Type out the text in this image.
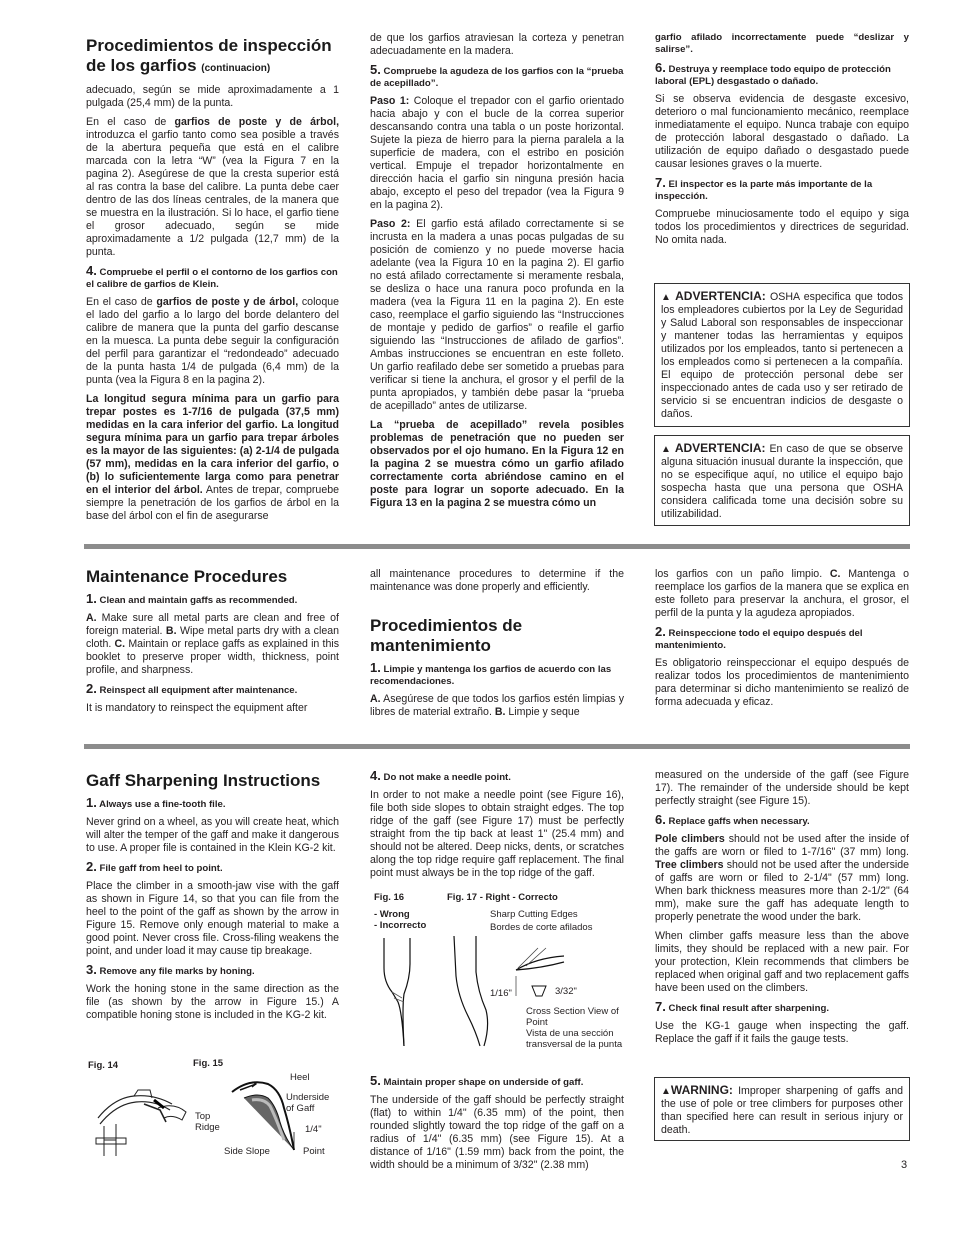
Procedimientos de inspección de los garfios (continuacion)

adecuado, según se mide aproximadamente a 1 pulgada (25,4 mm) de la punta.

En el caso de garfios de poste y de árbol, introduzca el garfio tanto como sea posible a través de la abertura pequeña que está en el calibre marcada con la letra “W” (vea la Figura 7 en la pagina 2). Asegúrese de que la cresta superior está al ras contra la base del calibre. La punta debe caer dentro de las dos líneas centrales, de la manera que se muestra en la ilustración. Si lo hace, el garfio tiene el grosor adecuado, según se mide aproximadamente a 1/2 pulgada (12,7 mm) de la punta.

4. Compruebe el perfil o el contorno de los garfios con el calibre de garfios de Klein.

En el caso de garfios de poste y de árbol, coloque el lado del garfio a lo largo del borde delantero del calibre de manera que la punta del garfio descanse en la muesca. La punta debe seguir la configuración del perfil para garantizar el “redondeado” adecuado de la punta hasta 1/4 de pulgada (6,4 mm) de la punta (vea la Figura 8 en la pagina 2).

La longitud segura mínima para un garfio para trepar postes es 1-7/16 de pulgada (37,5 mm) medidas en la cara inferior del garfio. La longitud segura mínima para un garfio para trepar árboles es la mayor de las siguientes: (a) 2-1/4 de pulgada (57 mm), medidas en la cara inferior del garfio, o (b) lo suficientemente larga como para penetrar en el interior del árbol. Antes de trepar, compruebe siempre la penetración de los garfios de árbol en la base del árbol con el fin de asegurarse

de que los garfios atraviesan la corteza y penetran adecuadamente en la madera.

5. Compruebe la agudeza de los garfios con la “prueba de acepillado”.

Paso 1: Coloque el trepador con el garfio orientado hacia abajo y con el bucle de la correa superior descansando contra una tabla o un poste horizontal. Sujete la pieza de hierro para la pierna paralela a la superficie de madera, con el estribo en posición vertical. Empuje el trepador horizontalmente en dirección hacia el garfio sin ninguna presión hacia abajo, excepto el peso del trepador (vea la Figura 9 en la pagina 2).

Paso 2: El garfio está afilado correctamente si se incrusta en la madera a unas pocas pulgadas de su posición de comienzo y no puede moverse hacia adelante (vea la Figura 10 en la pagina 2). El garfio no está afilado correctamente si meramente resbala, se desliza o hace una ranura poco profunda en la madera (vea la Figura 11 en la pagina 2). En este caso, reemplace el garfio siguiendo las “Instrucciones de montaje y pedido de garfios” o reafile el garfio siguiendo las “Instrucciones de afilado de garfios”. Ambas instrucciones se encuentran en este folleto. Un garfio reafilado debe ser sometido a pruebas para verificar si tiene la anchura, el grosor y el perfil de la punta apropiados, y también debe pasar la “prueba de acepillado” antes de utilizarse.

La “prueba de acepillado” revela posibles problemas de penetración que no pueden ser observados por el ojo humano. En la Figura 12 en la pagina 2 se muestra cómo un garfio afilado correctamente corta abriéndose camino en el poste para lograr un soporte adecuado. En la Figura 13 en la pagina 2 se muestra cómo un

garfio afilado incorrectamente puede “deslizar y salirse”.

6. Destruya y reemplace todo equipo de protección laboral (EPL) desgastado o dañado.

Si se observa evidencia de desgaste excesivo, deterioro o mal funcionamiento mecánico, reemplace inmediatamente el equipo. Nunca trabaje con equipo de protección laboral desgastado o dañado. La utilización de equipo dañado o desgastado puede causar lesiones graves o la muerte.

7. El inspector es la parte más importante de la inspección.

Compruebe minuciosamente todo el equipo y siga todos los procedimientos y directrices de seguridad. No omita nada.

▲ ADVERTENCIA: OSHA especifica que todos los empleadores cubiertos por la Ley de Seguridad y Salud Laboral son responsables de inspeccionar y mantener todas las herramientas y equipos utilizados por los empleados, tanto si pertenecen a los empleados como si pertenecen a la compañía. El equipo de protección personal debe ser inspeccionado antes de cada uso y ser retirado de servicio si se encuentran indicios de desgaste o daños.

▲ ADVERTENCIA: En caso de que se observe alguna situación inusual durante la inspección, que no se especifique aquí, no utilice el equipo bajo sospecha hasta que una persona que OSHA considera calificada tome una decisión sobre su utilizabilidad.

Maintenance Procedures
1. Clean and maintain gaffs as recommended.

A. Make sure all metal parts are clean and free of foreign material. B. Wipe metal parts dry with a clean cloth. C. Maintain or replace gaffs as explained in this booklet to preserve proper width, thickness, point profile, and sharpness.

2. Reinspect all equipment after maintenance.

It is mandatory to reinspect the equipment after

all maintenance procedures to determine if the maintenance was done properly and efficiently.

Procedimientos de mantenimiento
1. Limpie y mantenga los garfios de acuerdo con las recomendaciones.

A. Asegúrese de que todos los garfios estén limpias y libres de material extraño. B. Limpie y seque

los garfios con un paño limpio. C. Mantenga o reemplace los garfios de la manera que se explica en este folleto para preservar la anchura, el grosor, el perfil de la punta y la agudeza apropiados.

2. Reinspeccione todo el equipo después del mantenimiento.

Es obligatorio reinspeccionar el equipo después de realizar todos los procedimientos de mantenimiento para determinar si dicho mantenimiento se realizó de forma adecuada y eficaz.

Gaff Sharpening Instructions
1. Always use a fine-tooth file.

Never grind on a wheel, as you will create heat, which will alter the temper of the gaff and make it dangerous to use. A proper file is contained in the Klein KG-2 kit.

2. File gaff from heel to point.

Place the climber in a smooth-jaw vise with the gaff as shown in Figure 14, so that you can file from the heel to the point of the gaff as shown by the arrow in Figure 15. Remove only enough material to make a good point. Never cross file. Cross-filing weakens the point, and under load it may cause tip breakage.

3. Remove any file marks by honing.

Work the honing stone in the same direction as the file (as shown by the arrow in Figure 15.) A compatible honing stone is included in the KG-2 kit.

Fig. 14	Fig. 15
Heel
Underside of Gaff
Top Ridge	1/4"
Side Slope	Point
4. Do not make a needle point.

In order to not make a needle point (see Figure 16), file both side slopes to obtain straight edges. The top ridge of the gaff (see Figure 17) must be perfectly straight from the tip back at least 1" (25.4 mm) and should not be altered. Deep nicks, dents, or scratches along the top ridge require gaff replacement. The final point must always be in the top ridge of the gaff.

Fig. 16
- Wrong
- Incorrecto
Fig. 17 - Right - Correcto
Sharp Cutting Edges
Bordes de corte afilados
1/16"	3/32"
Cross Section View of Point
Vista de una sección transversal de la punta
5. Maintain proper shape on underside of gaff.

The underside of the gaff should be perfectly straight (flat) to within 1/4" (6.35 mm) of the point, then rounded slightly toward the top ridge of the gaff on a radius of 1/4" (6.35 mm) (see Figure 15). At a distance of 1/16" (1.59 mm) back from the point, the width should be a minimum of 3/32" (2.38 mm)

measured on the underside of the gaff (see Figure 17). The remainder of the underside should be kept perfectly straight (see Figure 15).

6. Replace gaffs when necessary.

Pole climbers should not be used after the inside of the gaffs are worn or filed to 1-7/16" (37 mm) long. Tree climbers should not be used after the underside of gaffs are worn or filed to 2-1/4" (57 mm) long. When bark thickness measures more than 2-1/2" (64 mm), make sure the gaff has adequate length to properly penetrate the wood under the bark.

When climber gaffs measure less than the above limits, they should be replaced with a new pair. For your protection, Klein recommends that climbers be replaced when original gaff and two replacement gaffs have been used on the climbers.

7. Check final result after sharpening.

Use the KG-1 gauge when inspecting the gaff. Replace the gaff if it fails the gauge tests.

▲WARNING: Improper sharpening of gaffs and the use of pole or tree climbers for purposes other than specified here can result in serious injury or death.

3
